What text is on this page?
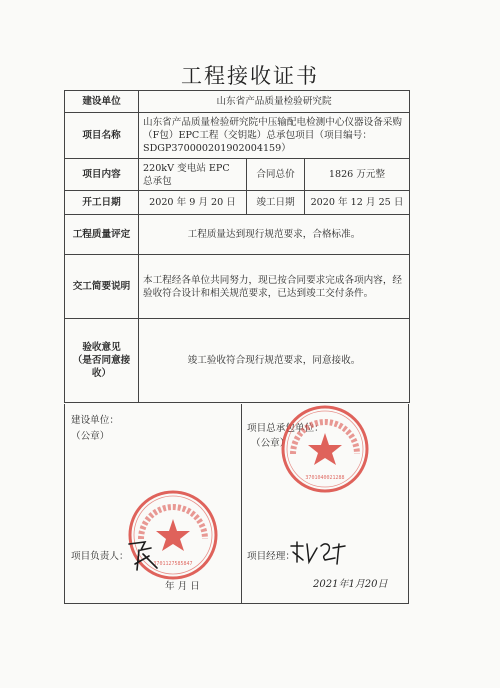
工程接收证书
建设单位	山东省产品质量检验研究院		
项目名称	山东省产品质量检验研究院中压输配电检测中心仪器设备采购（F包）EPC工程（交钥匙）总承包项目（项目编号：SDGP370000201902004159）		
项目内容	220kV 变电站 EPC 总承包	合同总价	1826 万元整
开工日期	2020 年 9 月 20 日	竣工日期	2020 年 12 月 25 日
工程质量评定	工程质量达到现行规范要求，合格标准。		
交工简要说明	本工程经各单位共同努力，现已按合同要求完成各项内容，经验收符合设计和相关规范要求，已达到竣工交付条件。		

验收意见
（是否同意接
收）	竣工验收符合现行规范要求，同意接收。		
建设单位：
（公章）
3701127585847
项目负责人：
年 月 日
项目总承包单位：
（公章）
3701040021288
项目经理：
2021年1月20日
